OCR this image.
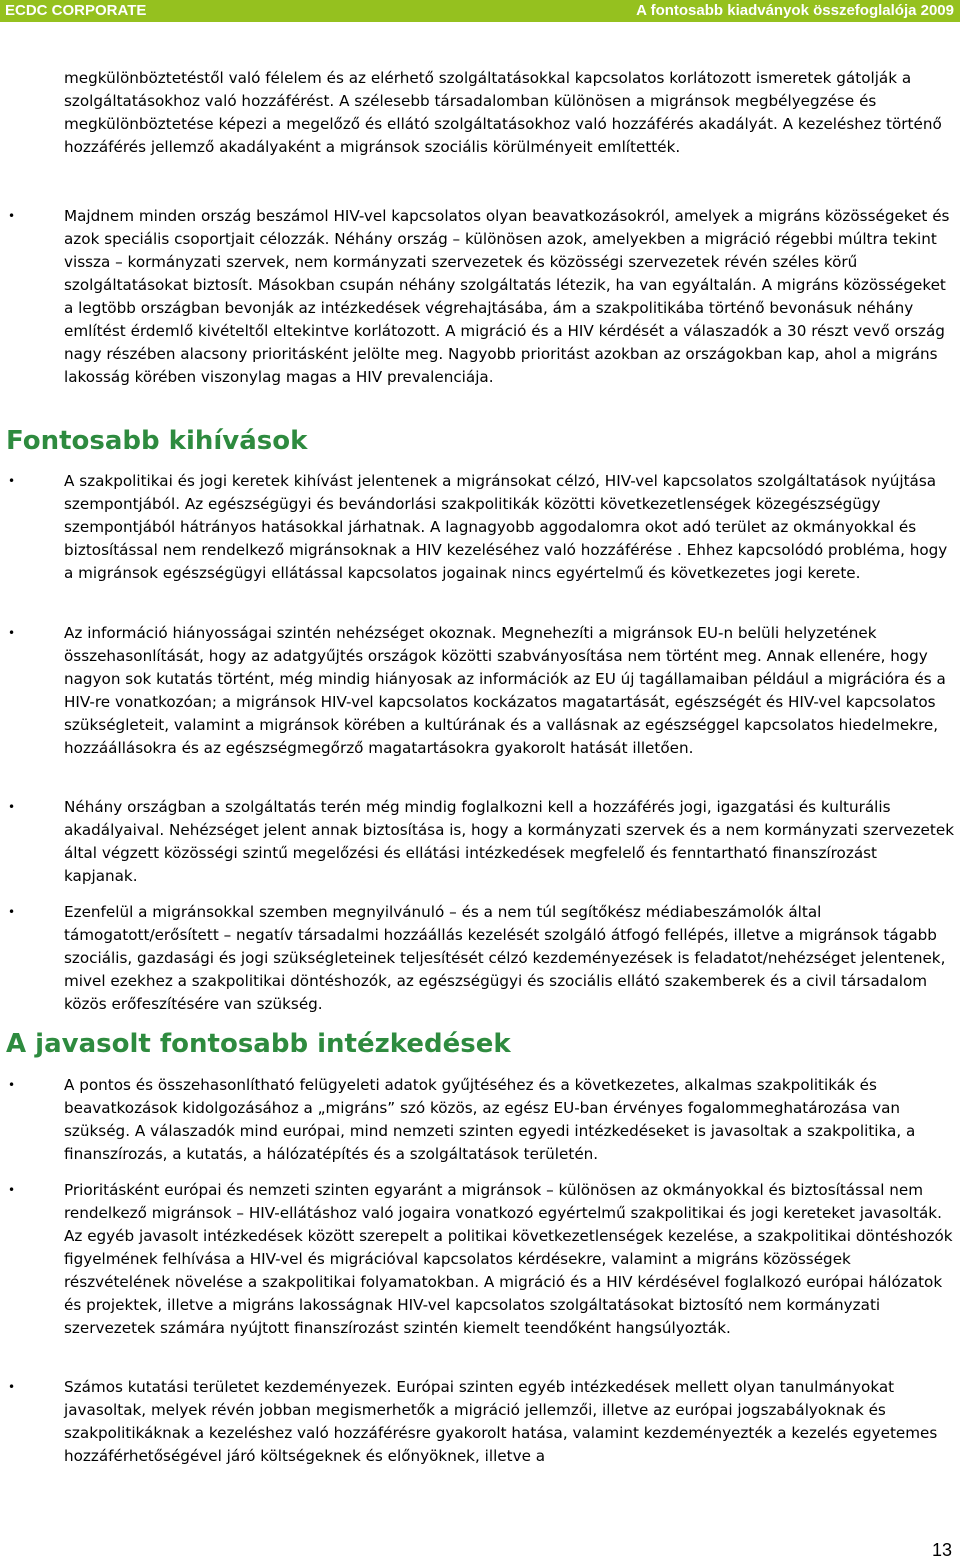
ECDC CORPORATE	A fontosabb kiadványok összefoglalója 2009

megkülönböztetéstől való félelem és az elérhető szolgáltatásokkal kapcsolatos korlátozott ismeretek gátolják a szolgáltatásokhoz való hozzáférést. A szélesebb társadalomban különösen a migránsok megbélyegzése és megkülönböztetése képezi a megelőző és ellátó szolgáltatásokhoz való hozzáférés akadályát. A kezeléshez történő hozzáférés jellemző akadályaként a migránsok szociális körülményeit említették.

•

Majdnem minden ország beszámol HIV-vel kapcsolatos olyan beavatkozásokról, amelyek a migráns közösségeket és azok speciális csoportjait célozzák. Néhány ország – különösen azok, amelyekben a migráció régebbi múltra tekint vissza – kormányzati szervek, nem kormányzati szervezetek és közösségi szervezetek révén széles körű szolgáltatásokat biztosít. Másokban csupán néhány szolgáltatás létezik, ha van egyáltalán. A migráns közösségeket a legtöbb országban bevonják az intézkedések végrehajtásába, ám a szakpolitikába történő bevonásuk néhány említést érdemlő kivételtől eltekintve korlátozott. A migráció és a HIV kérdését a válaszadók a 30 részt vevő ország nagy részében alacsony prioritásként jelölte meg. Nagyobb prioritást azokban az országokban kap, ahol a migráns lakosság körében viszonylag magas a HIV prevalenciája.

Fontosabb kihívások
•

A szakpolitikai és jogi keretek kihívást jelentenek a migránsokat célzó, HIV-vel kapcsolatos szolgáltatások nyújtása szempontjából. Az egészségügyi és bevándorlási szakpolitikák közötti következetlenségek közegészségügy szempontjából hátrányos hatásokkal járhatnak. A lagnagyobb aggodalomra okot adó terület az okmányokkal és biztosítással nem rendelkező migránsoknak a HIV kezeléséhez való hozzáférése . Ehhez kapcsolódó probléma, hogy a migránsok egészségügyi ellátással kapcsolatos jogainak nincs egyértelmű és következetes jogi kerete.

•

Az információ hiányosságai szintén nehézséget okoznak. Megnehezíti a migránsok EU-n belüli helyzetének összehasonlítását, hogy az adatgyűjtés országok közötti szabványosítása nem történt meg. Annak ellenére, hogy nagyon sok kutatás történt, még mindig hiányosak az információk az EU új tagállamaiban például a migrációra és a HIV-re vonatkozóan; a migránsok HIV-vel kapcsolatos kockázatos magatartását, egészségét és HIV-vel kapcsolatos szükségleteit, valamint a migránsok körében a kultúrának és a vallásnak az egészséggel kapcsolatos hiedelmekre, hozzáállásokra és az egészségmegőrző magatartásokra gyakorolt hatását illetően.

•

Néhány országban a szolgáltatás terén még mindig foglalkozni kell a hozzáférés jogi, igazgatási és kulturális akadályaival. Nehézséget jelent annak biztosítása is, hogy a kormányzati szervek és a nem kormányzati szervezetek által végzett közösségi szintű megelőzési és ellátási intézkedések megfelelő és fenntartható finanszírozást kapjanak.

•

Ezenfelül a migránsokkal szemben megnyilvánuló – és a nem túl segítőkész médiabeszámolók által támogatott/erősített – negatív társadalmi hozzáállás kezelését szolgáló átfogó fellépés, illetve a migránsok tágabb szociális, gazdasági és jogi szükségleteinek teljesítését célzó kezdeményezések is feladatot/nehézséget jelentenek, mivel ezekhez a szakpolitikai döntéshozók, az egészségügyi és szociális ellátó szakemberek és a civil társadalom közös erőfeszítésére van szükség.

A javasolt fontosabb intézkedések
•

A pontos és összehasonlítható felügyeleti adatok gyűjtéséhez és a következetes, alkalmas szakpolitikák és beavatkozások kidolgozásához a „migráns” szó közös, az egész EU-ban érvényes fogalommeghatározása van szükség. A válaszadók mind európai, mind nemzeti szinten egyedi intézkedéseket is javasoltak a szakpolitika, a finanszírozás, a kutatás, a hálózatépítés és a szolgáltatások területén.

•

Prioritásként európai és nemzeti szinten egyaránt a migránsok – különösen az okmányokkal és biztosítással nem rendelkező migránsok – HIV-ellátáshoz való jogaira vonatkozó egyértelmű szakpolitikai és jogi kereteket javasolták. Az egyéb javasolt intézkedések között szerepelt a politikai következetlenségek kezelése, a szakpolitikai döntéshozók figyelmének felhívása a HIV-vel és migrációval kapcsolatos kérdésekre, valamint a migráns közösségek részvételének növelése a szakpolitikai folyamatokban. A migráció és a HIV kérdésével foglalkozó európai hálózatok és projektek, illetve a migráns lakosságnak HIV-vel kapcsolatos szolgáltatásokat biztosító nem kormányzati szervezetek számára nyújtott finanszírozást szintén kiemelt teendőként hangsúlyozták.

•

Számos kutatási területet kezdeményezek. Európai szinten egyéb intézkedések mellett olyan tanulmányokat javasoltak, melyek révén jobban megismerhetők a migráció jellemzői, illetve az európai jogszabályoknak és szakpolitikáknak a kezeléshez való hozzáférésre gyakorolt hatása, valamint kezdeményezték a kezelés egyetemes hozzáférhetőségével járó költségeknek és előnyöknek, illetve a

13
